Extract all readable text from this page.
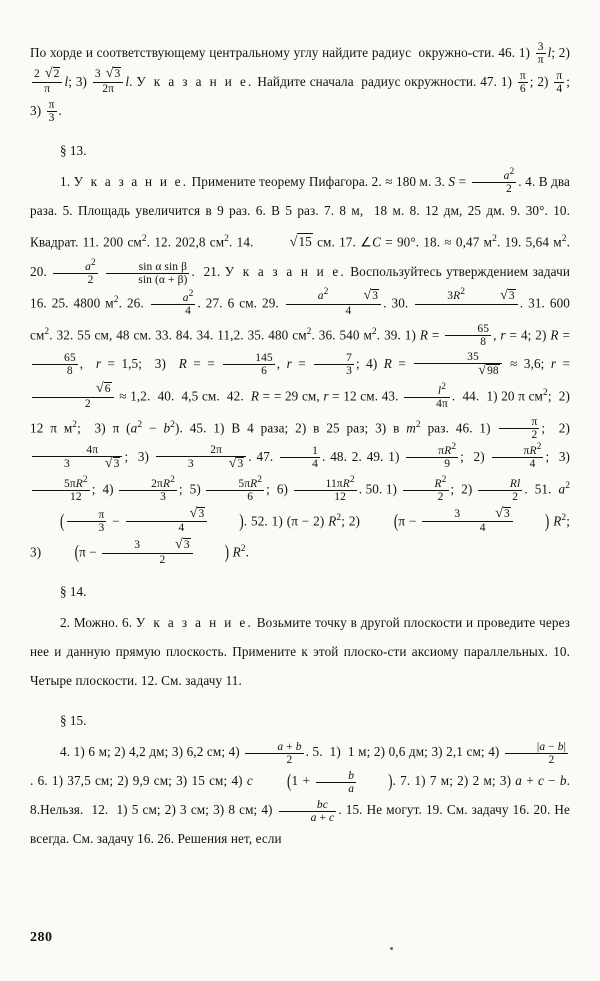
По хорде и соответствующему центральному углу найдите радиус  окружно-сти. 46. $1) \frac{3}{\pi} l$; 2)
$\frac{2 √2}{\pi} l$; $3) \frac{3 √3}{2\pi} l$. У к а з а н и е. Найдите сначала  радиус окружности. 47. $1) \frac{\pi}{6}$ ; $2) \frac{\pi}{4}$ ; $3) \frac{\pi}{3}$ .

§ 13.

1. У к а з а н и е. Примените теорему Пифагора. 2. ≈ 180 м. 3. $S = \frac{a^2}{2}$ . 4. В два раза. 5. Площадь увеличится в 9 раз. 6. В 5 раз. 7. 8 м,  18 м. 8. 12 дм, 25 дм. 9. 30°. 10. Квадрат. 11. 200 $см^2$. 12. 202,8 $см^2$. 14. √15 см. 17. ∠C = 90°. 18. ≈ 0,47 $м^2$. 19. 5,64 $м^2$. 20. $\frac{a^2}{2}$
$\frac{\text{sin α sin β}}{\sin (\alpha + \beta)}$ .  21. У к а з а н и е. Воспользуйтесь утверждением задачи 16. 25. 4800 $м^2$. 26. $\frac{a^2}{4}$ . 27. 6 см. 29. $\frac{a^2 √3}{4}$ . 30.	$3R^2$ √3
. 31. 600 $см^2$. 32. 55 см, 48 см. 33. 84. 34. 11,2. 35. 480 $см^2$. 36. 540 $м^2$. 39. 1) $R = \frac{65}{8}$ , r = 4; 2) R =
$\frac{65}{8}$ ,  r = 1,5;  3)  R = = $\frac{145}{6}$ , $r = \frac{7}{3}$ ; 4) $R = \frac{35}{√98} \approx 3,6$; r =
$\frac{√6}{2} \approx 1,2$.  40.  4,5 см.  42.  R = = 29 см, r = 12 см. 43. $\frac{l^2}{4\pi}$ .  44.  1) 20 π $см^2$;  2) 12 π $м^2$;  3) π $(a^2 - b^2)$. 45. 1) В 4 раза; 2) в 25 раз; 3) в $m^2$ раз. 46. $1) \frac{\pi}{2}$ ;  2)
$\frac{4\pi}{3 √3}$ ;  $3) \frac{2\pi}{3 √3}$ . 47. $\frac{1}{4}$ . 48. 2. 49. $1) \frac{\pi R^2}{9}$ ;  $2) \frac{\pi R^2}{4}$ ;  3)
$\frac{5\pi R^2}{12}$ ;  $4) \frac{2\pi R^2}{3}$ ;  $5) \frac{5\pi R^2}{6}$ ;  $6) \frac{11\pi R^2}{12}$ . 50. $1) \frac{R^2}{2}$ ;  $2) \frac{Rl}{2}$ .  51.  $a^2$ ( $\frac{\pi}{3} - \frac{√3}{4}$ ). 52. 1) (π − 2) $R^2$; 2) ($\pi - \frac{3 √3}{4}$ ) $R^2$; 3) ($\pi - \frac{3 √3}{2}$ ) $R^2$.

§ 14.

2. Можно. 6. У к а з а н и е. Возьмите точку в другой плоскости и проведите через нее и данную прямую плоскость. Примените к этой плоско-сти аксиому параллельных. 10. Четыре плоскости. 12. См. задачу 11.

§ 15.

4. 1) 6 м; 2) 4,2 дм; 3) 6,2 см; $4) \frac{a + b}{2}$ . 5.  1)  1 м; 2) 0,6 дм; 3) 2,1 см; $4) \frac{|a - b|}{2}$
. 6. 1) 37,5 см; 2) 9,9 см; 3) 15 см; 4) c	($1 + \frac{b}{a}$ ). 7. 1) 7 м; 2) 2 м; 3) a + c − b. 8.Нельзя.  12.  1) 5 см; 2) 3 см; 3) 8 см; $4) \frac{bc}{a + c}$ . 15. Не могут. 19. См. задачу 16. 20. Не всегда. См. задачу 16. 26. Решения нет, если

280
